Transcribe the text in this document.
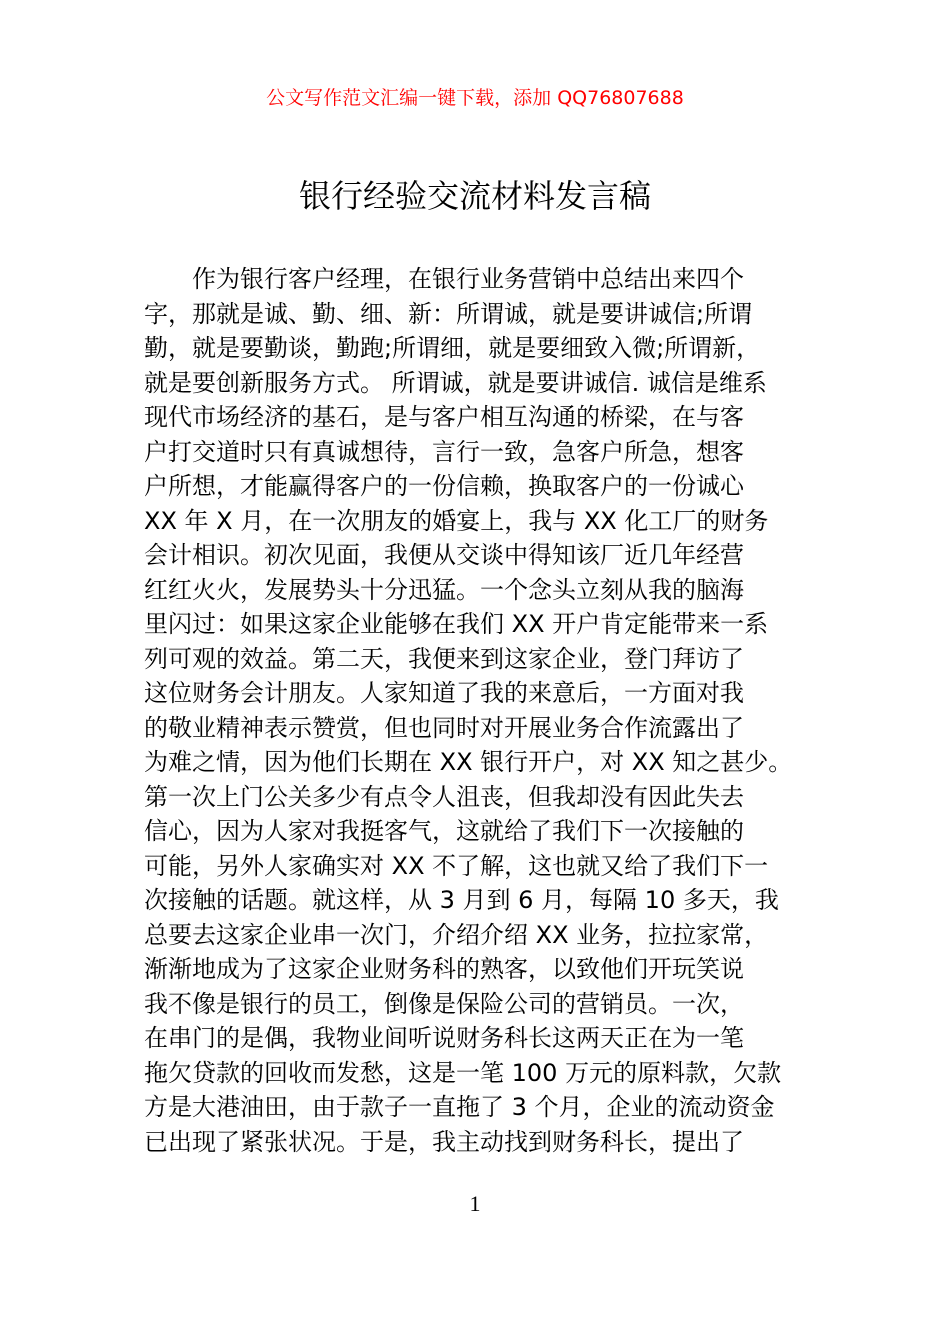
公文写作范文汇编一键下载，添加 QQ76807688
银行经验交流材料发言稿
　　作为银行客户经理，在银行业务营销中总结出来四个
字，那就是诚、勤、细、新：所谓诚，就是要讲诚信;所谓
勤，就是要勤谈，勤跑;所谓细，就是要细致入微;所谓新，
就是要创新服务方式。 所谓诚，就是要讲诚信. 诚信是维系
现代市场经济的基石，是与客户相互沟通的桥梁，在与客
户打交道时只有真诚想待，言行一致，急客户所急，想客
户所想，才能赢得客户的一份信赖，换取客户的一份诚心
XX 年 X 月，在一次朋友的婚宴上，我与 XX 化工厂的财务
会计相识。初次见面，我便从交谈中得知该厂近几年经营
红红火火，发展势头十分迅猛。一个念头立刻从我的脑海
里闪过：如果这家企业能够在我们 XX 开户肯定能带来一系
列可观的效益。第二天，我便来到这家企业，登门拜访了
这位财务会计朋友。人家知道了我的来意后，一方面对我
的敬业精神表示赞赏，但也同时对开展业务合作流露出了
为难之情，因为他们长期在 XX 银行开户，对 XX 知之甚少。
第一次上门公关多少有点令人沮丧，但我却没有因此失去
信心，因为人家对我挺客气，这就给了我们下一次接触的
可能，另外人家确实对 XX 不了解，这也就又给了我们下一
次接触的话题。就这样，从 3 月到 6 月，每隔 10 多天，我
总要去这家企业串一次门，介绍介绍 XX 业务，拉拉家常，
渐渐地成为了这家企业财务科的熟客，以致他们开玩笑说
我不像是银行的员工，倒像是保险公司的营销员。一次，
在串门的是偶，我物业间听说财务科长这两天正在为一笔
拖欠贷款的回收而发愁，这是一笔 100 万元的原料款，欠款
方是大港油田，由于款子一直拖了 3 个月，企业的流动资金
已出现了紧张状况。于是，我主动找到财务科长，提出了
1
